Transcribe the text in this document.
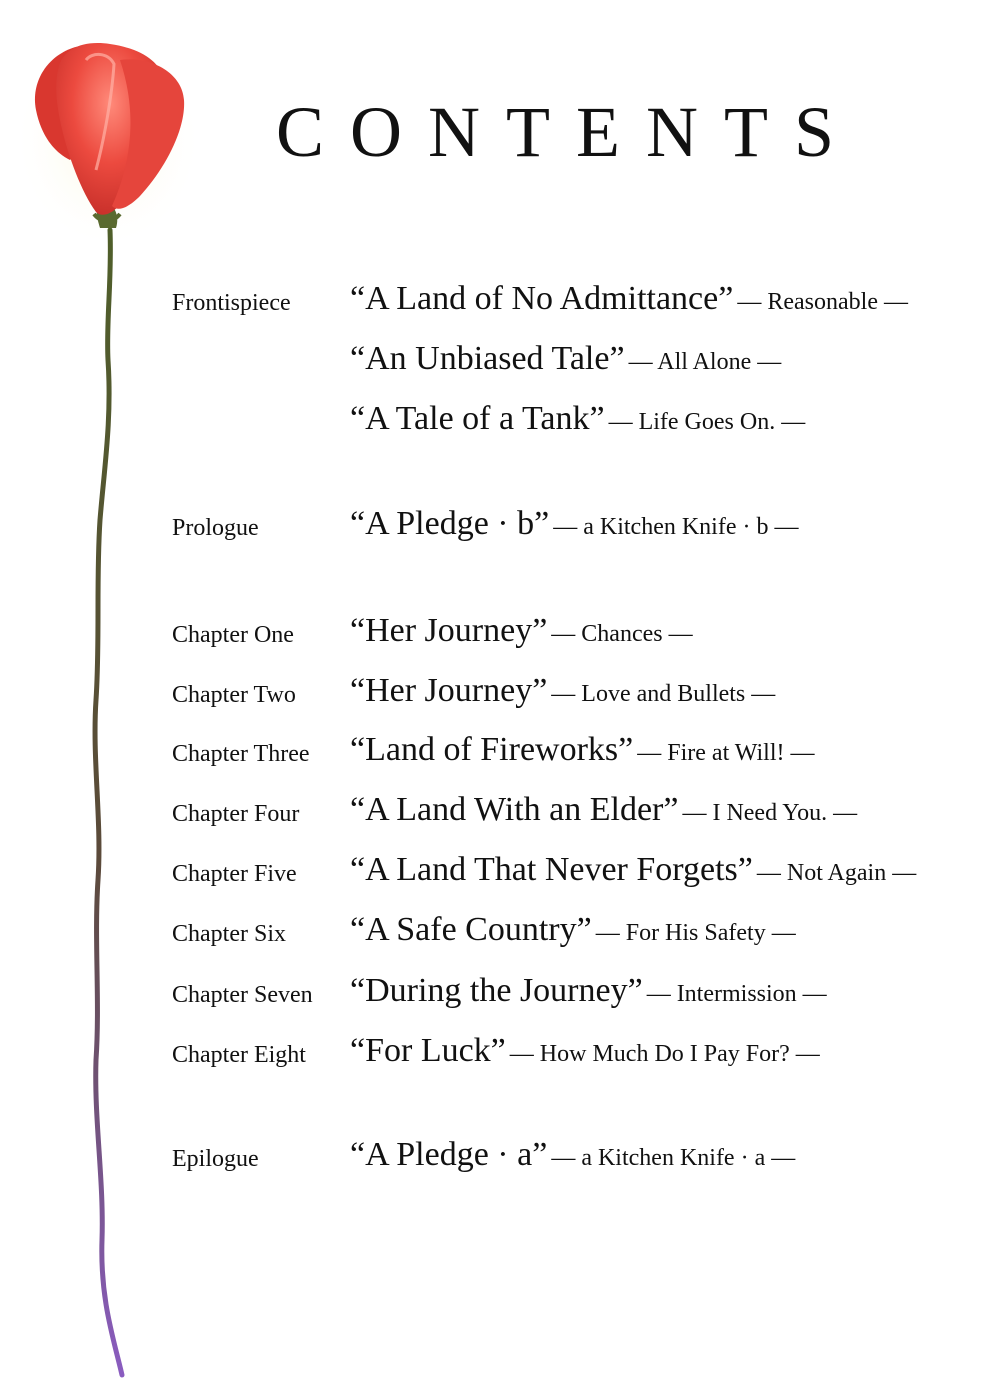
CONTENTS
Frontispiece “A Land of No Admittance” — Reasonable —
“An Unbiased Tale” — All Alone —
“A Tale of a Tank” — Life Goes On. —
Prologue	“A Pledge · b” — a Kitchen Knife · b —
Chapter One “Her Journey” — Chances —
Chapter Two “Her Journey” — Love and Bullets —
Chapter Three “Land of Fireworks” — Fire at Will! —
Chapter Four “A Land With an Elder” — I Need You. —
Chapter Five “A Land That Never Forgets” — Not Again —
Chapter Six “A Safe Country” — For His Safety —
Chapter Seven “During the Journey” — Intermission —
Chapter Eight “For Luck” — How Much Do I Pay For? —
Epilogue	“A Pledge · a” — a Kitchen Knife · a —
